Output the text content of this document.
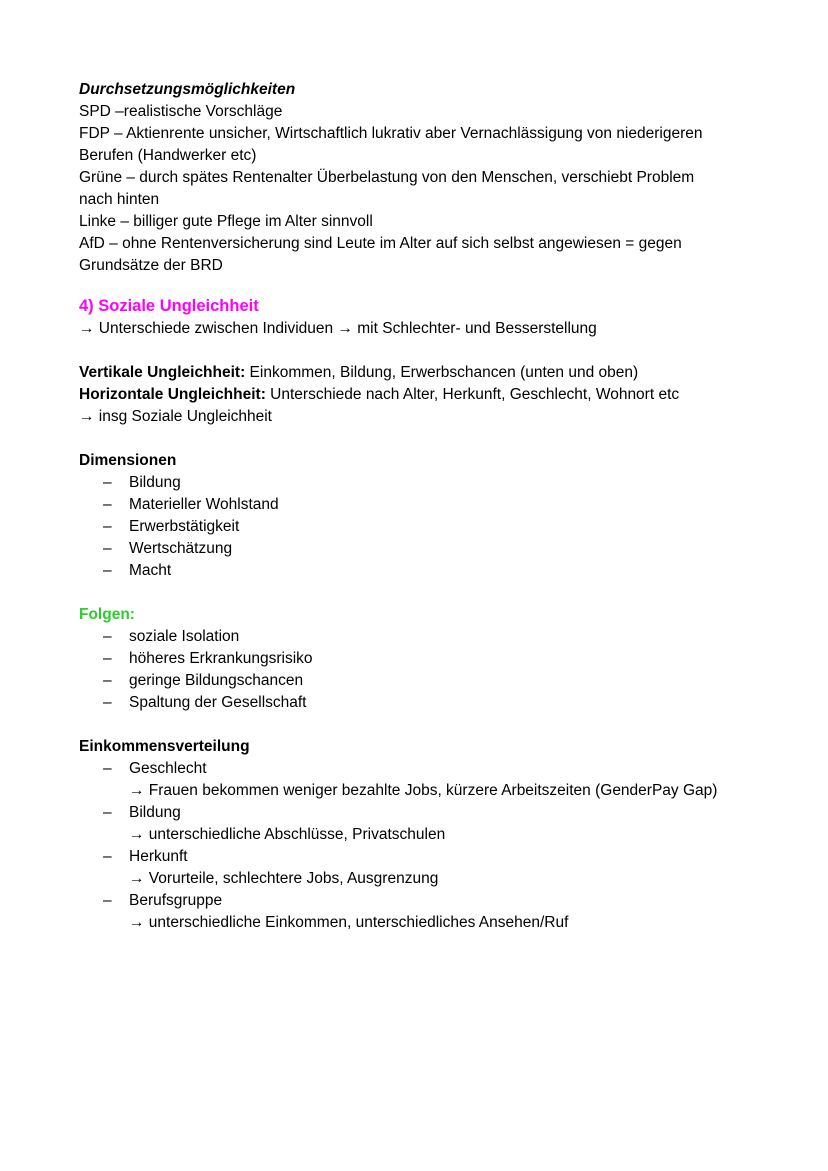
Durchsetzungsmöglichkeiten
SPD –realistische Vorschläge
FDP – Aktienrente unsicher, Wirtschaftlich lukrativ aber Vernachlässigung von niederigeren
Berufen (Handwerker etc)
Grüne – durch spätes Rentenalter Überbelastung von den Menschen, verschiebt Problem
nach hinten
Linke – billiger gute Pflege im Alter sinnvoll
AfD – ohne Rentenversicherung sind Leute im Alter auf sich selbst angewiesen = gegen
Grundsätze der BRD
4) Soziale Ungleichheit
→ Unterschiede zwischen Individuen → mit Schlechter- und Besserstellung
Vertikale Ungleichheit: Einkommen, Bildung, Erwerbschancen (unten und oben)
Horizontale Ungleichheit: Unterschiede nach Alter, Herkunft, Geschlecht, Wohnort etc
→ insg Soziale Ungleichheit
Dimensionen
– Bildung
– Materieller Wohlstand
– Erwerbstätigkeit
– Wertschätzung
– Macht
Folgen:
– soziale Isolation
– höheres Erkrankungsrisiko
– geringe Bildungschancen
– Spaltung der Gesellschaft
Einkommensverteilung
– Geschlecht
→ Frauen bekommen weniger bezahlte Jobs, kürzere Arbeitszeiten (GenderPay Gap)
– Bildung
→ unterschiedliche Abschlüsse, Privatschulen
– Herkunft
→ Vorurteile, schlechtere Jobs, Ausgrenzung
– Berufsgruppe
→ unterschiedliche Einkommen, unterschiedliches Ansehen/Ruf
